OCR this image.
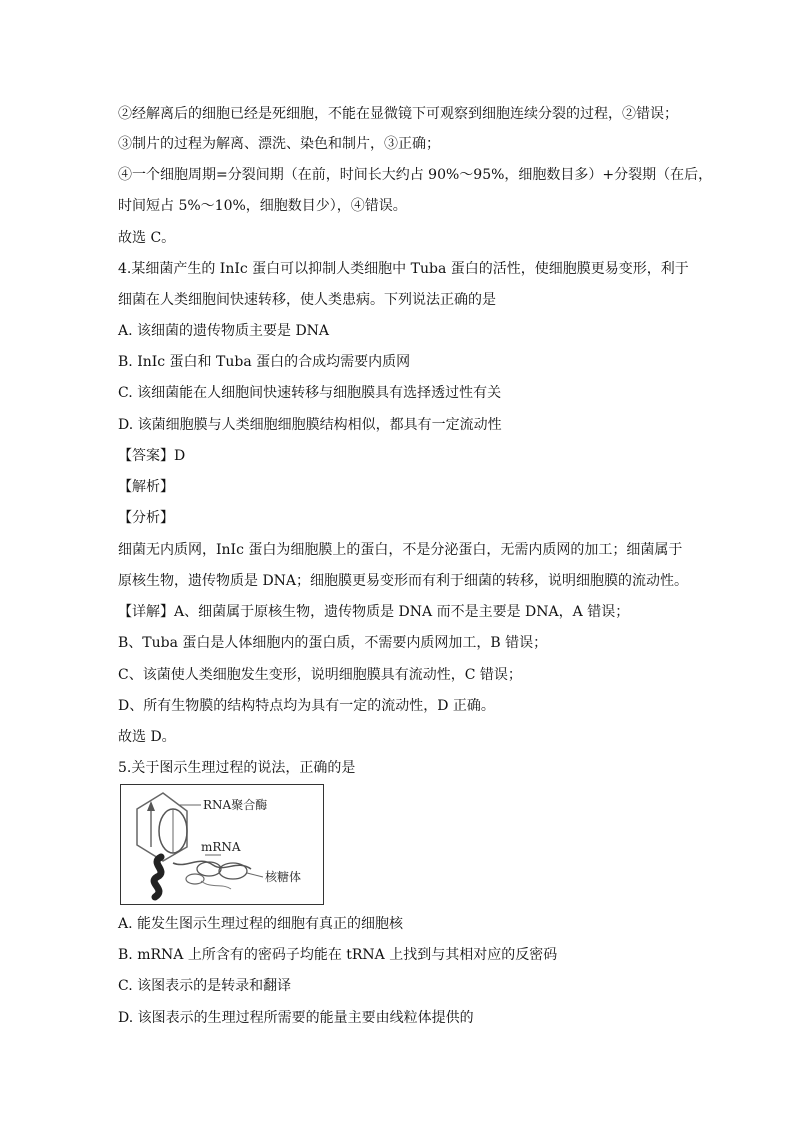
②经解离后的细胞已经是死细胞，不能在显微镜下可观察到细胞连续分裂的过程，②错误；
③制片的过程为解离、漂洗、染色和制片，③正确；
④一个细胞周期=分裂间期（在前，时间长大约占 90%～95%，细胞数目多）+分裂期（在后，
时间短占 5%～10%，细胞数目少），④错误。
故选 C。
4.某细菌产生的 InIc 蛋白可以抑制人类细胞中 Tuba 蛋白的活性，使细胞膜更易变形，利于
细菌在人类细胞间快速转移，使人类患病。下列说法正确的是
A. 该细菌的遗传物质主要是 DNA
B. InIc 蛋白和 Tuba 蛋白的合成均需要内质网
C. 该细菌能在人细胞间快速转移与细胞膜具有选择透过性有关
D. 该菌细胞膜与人类细胞细胞膜结构相似，都具有一定流动性
【答案】D
【解析】
【分析】
细菌无内质网，InIc 蛋白为细胞膜上的蛋白，不是分泌蛋白，无需内质网的加工；细菌属于
原核生物，遗传物质是 DNA；细胞膜更易变形而有利于细菌的转移，说明细胞膜的流动性。
【详解】A、细菌属于原核生物，遗传物质是 DNA 而不是主要是 DNA，A 错误；
B、Tuba 蛋白是人体细胞内的蛋白质，不需要内质网加工，B 错误；
C、该菌使人类细胞发生变形，说明细胞膜具有流动性，C 错误；
D、所有生物膜的结构特点均为具有一定的流动性，D 正确。
故选 D。
5.关于图示生理过程的说法，正确的是
RNA聚合酶
mRNA
核糖体
A. 能发生图示生理过程的细胞有真正的细胞核
B. mRNA 上所含有的密码子均能在 tRNA 上找到与其相对应的反密码
C. 该图表示的是转录和翻译
D. 该图表示的生理过程所需要的能量主要由线粒体提供的
